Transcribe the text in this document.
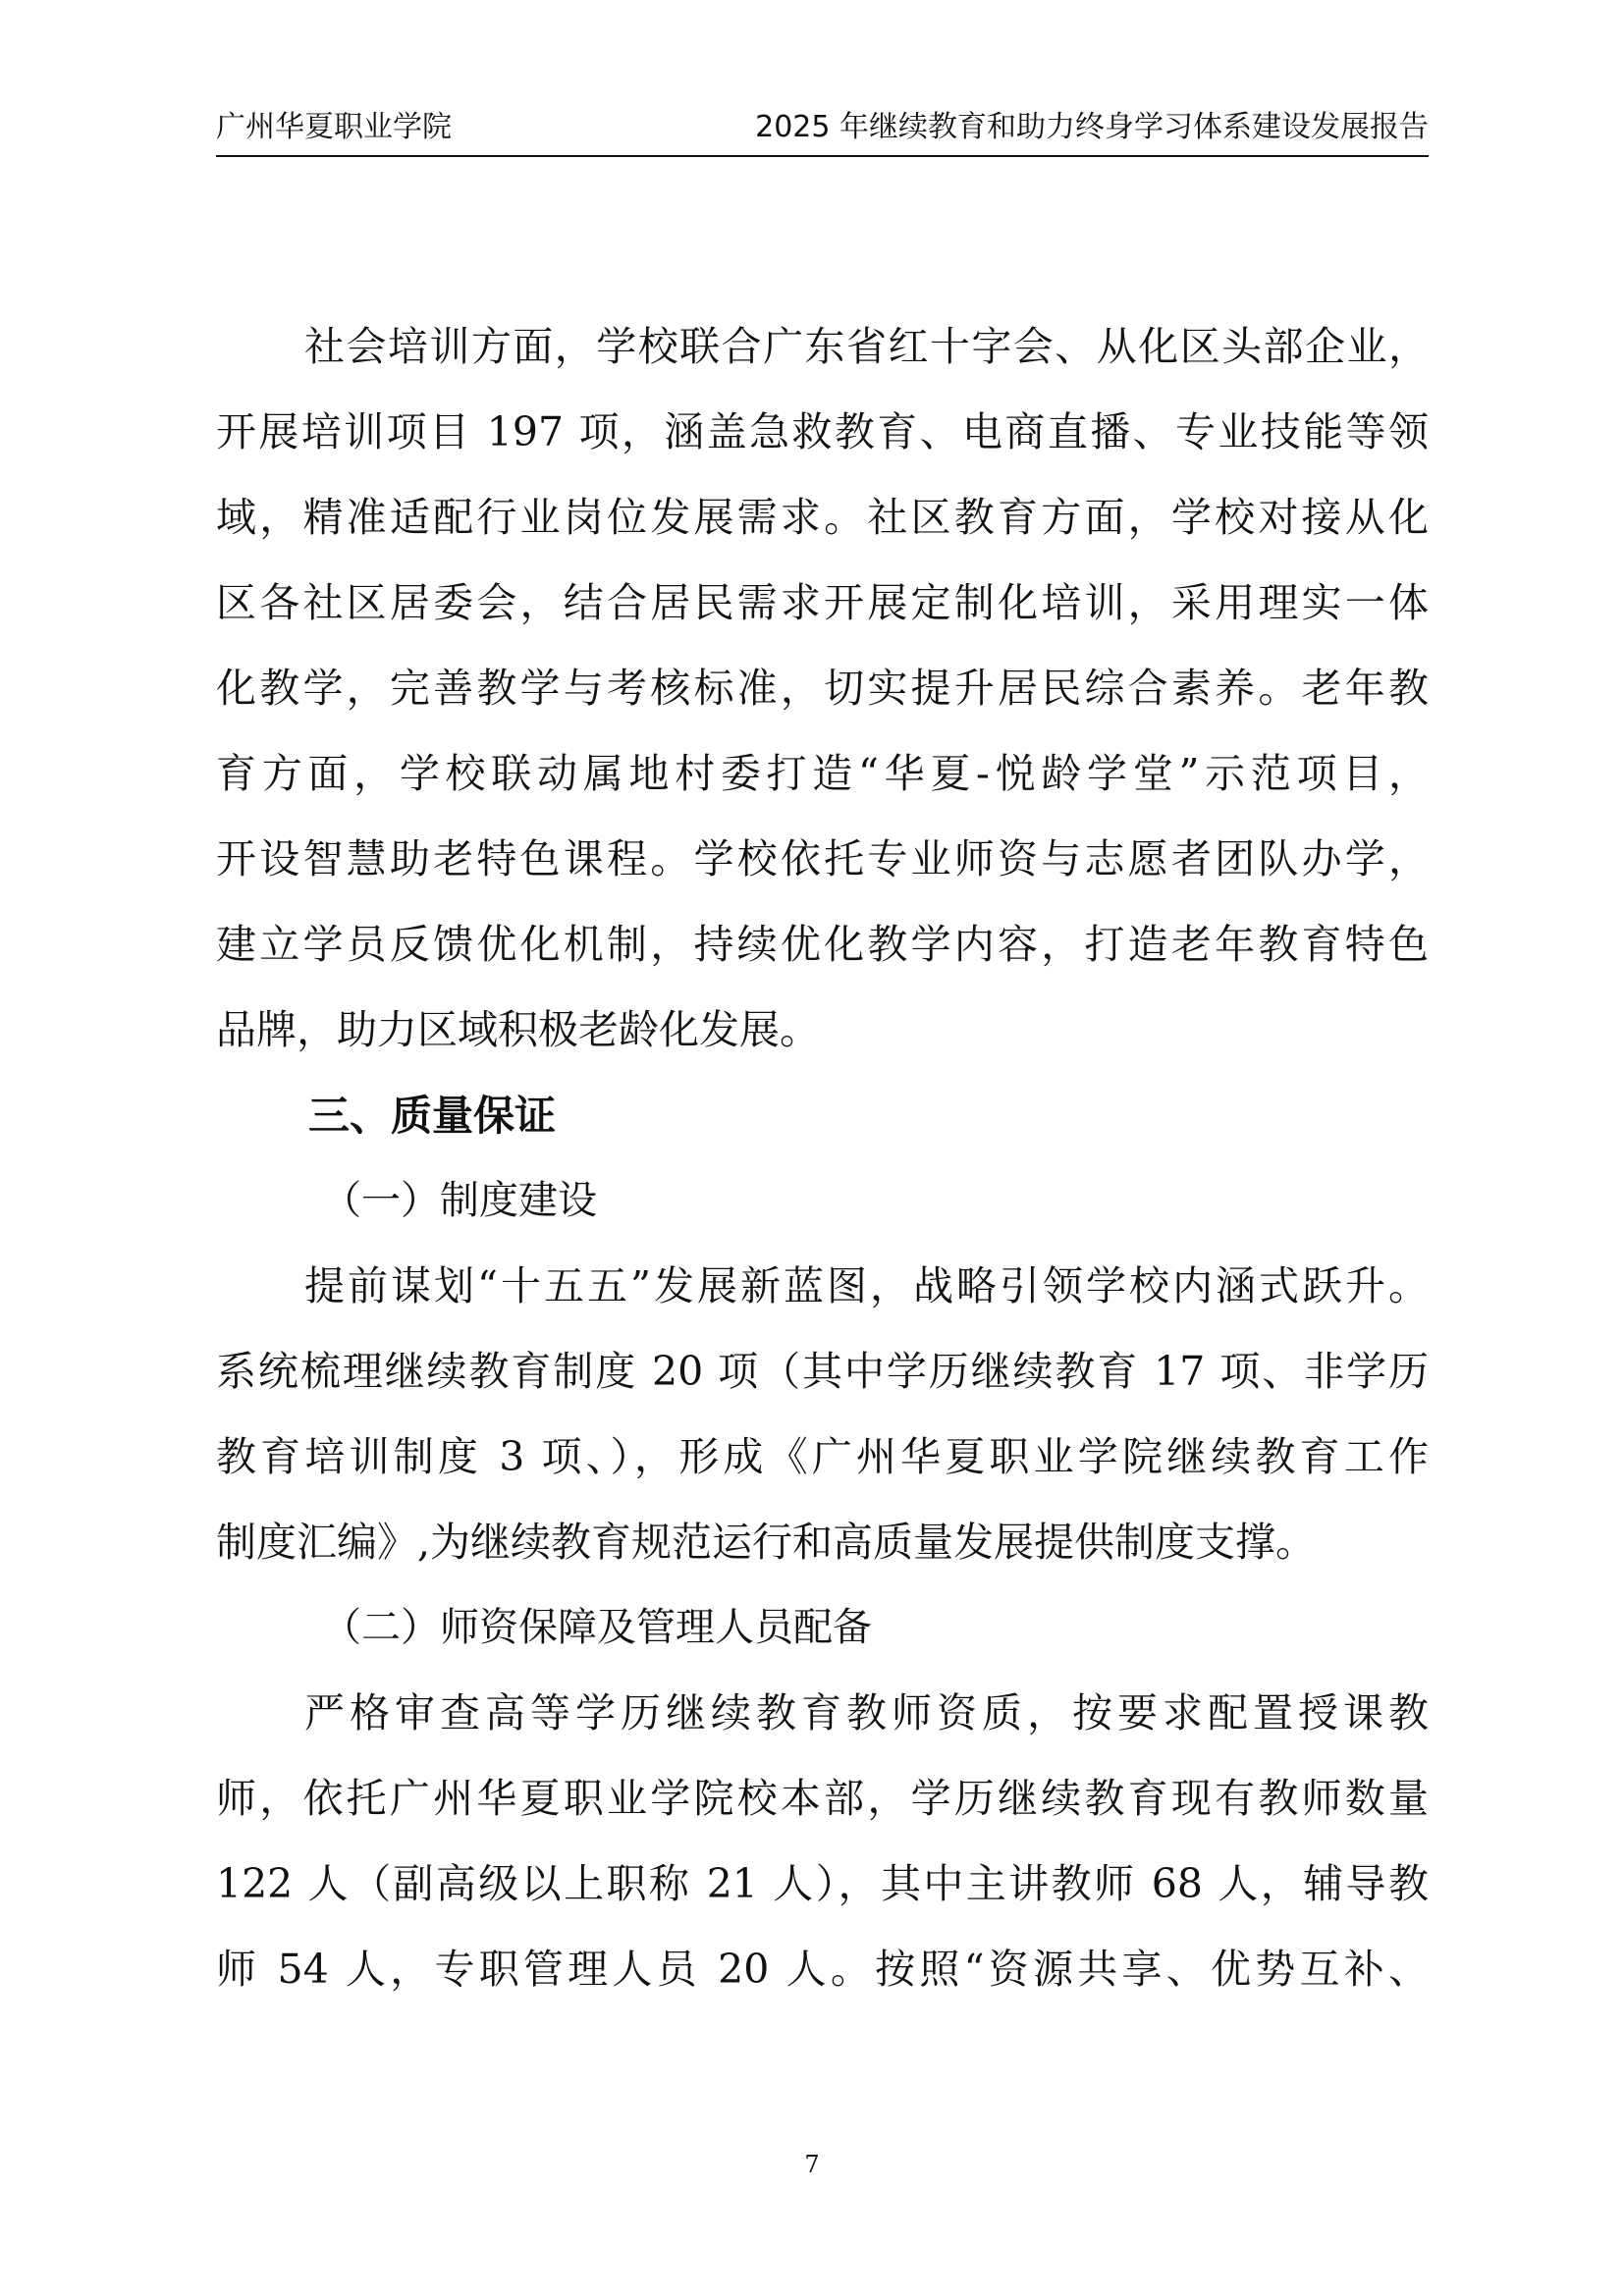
广州华夏职业学院	2025 年继续教育和助力终身学习体系建设发展报告
社会培训方面，学校联合广东省红十字会、从化区头部企业，
开展培训项目 197 项，涵盖急救教育、电商直播、专业技能等领
域，精准适配行业岗位发展需求。社区教育方面，学校对接从化
区各社区居委会，结合居民需求开展定制化培训，采用理实一体
化教学，完善教学与考核标准，切实提升居民综合素养。老年教
育方面，学校联动属地村委打造“华夏-悦龄学堂”示范项目，
开设智慧助老特色课程。学校依托专业师资与志愿者团队办学，
建立学员反馈优化机制，持续优化教学内容，打造老年教育特色
品牌，助力区域积极老龄化发展。
三、质量保证
（一）制度建设
提前谋划“十五五”发展新蓝图，战略引领学校内涵式跃升。
系统梳理继续教育制度 20 项（其中学历继续教育 17 项、非学历
教育培训制度 3 项、），形成《广州华夏职业学院继续教育工作
制度汇编》,为继续教育规范运行和高质量发展提供制度支撑。
（二）师资保障及管理人员配备
严格审查高等学历继续教育教师资质，按要求配置授课教
师，依托广州华夏职业学院校本部，学历继续教育现有教师数量
122 人（副高级以上职称 21 人），其中主讲教师 68 人，辅导教
师 54 人，专职管理人员 20 人。按照“资源共享、优势互补、
7
